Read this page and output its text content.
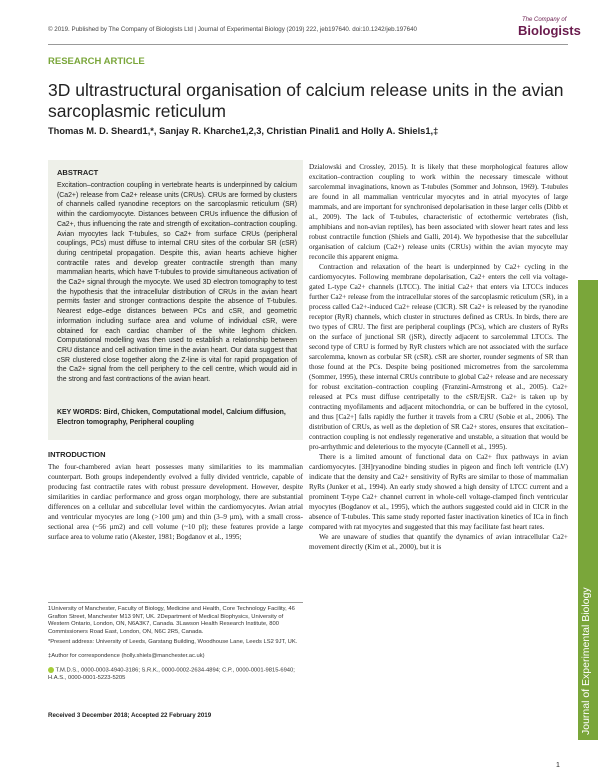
© 2019. Published by The Company of Biologists Ltd | Journal of Experimental Biology (2019) 222, jeb197640. doi:10.1242/jeb.197640
The Company of
Biologists
RESEARCH ARTICLE
3D ultrastructural organisation of calcium release units in the avian sarcoplasmic reticulum
Thomas M. D. Sheard1,*, Sanjay R. Kharche1,2,3, Christian Pinali1 and Holly A. Shiels1,‡
ABSTRACT
Excitation–contraction coupling in vertebrate hearts is underpinned by calcium (Ca2+) release from Ca2+ release units (CRUs). CRUs are formed by clusters of channels called ryanodine receptors on the sarcoplasmic reticulum (SR) within the cardiomyocyte. Distances between CRUs influence the diffusion of Ca2+, thus influencing the rate and strength of excitation–contraction coupling. Avian myocytes lack T-tubules, so Ca2+ from surface CRUs (peripheral couplings, PCs) must diffuse to internal CRU sites of the corbular SR (cSR) during centripetal propagation. Despite this, avian hearts achieve higher contractile rates and develop greater contractile strength than many mammalian hearts, which have T-tubules to provide simultaneous activation of the Ca2+ signal through the myocyte. We used 3D electron tomography to test the hypothesis that the intracellular distribution of CRUs in the avian heart permits faster and stronger contractions despite the absence of T-tubules. Nearest edge–edge distances between PCs and cSR, and geometric information including surface area and volume of individual cSR, were obtained for each cardiac chamber of the white leghorn chicken. Computational modelling was then used to establish a relationship between CRU distance and cell activation time in the avian heart. Our data suggest that cSR clustered close together along the Z-line is vital for rapid propagation of the Ca2+ signal from the cell periphery to the cell centre, which would aid in the strong and fast contractions of the avian heart.
KEY WORDS: Bird, Chicken, Computational model, Calcium diffusion, Electron tomography, Peripheral coupling
INTRODUCTION
The four-chambered avian heart possesses many similarities to its mammalian counterpart. Both groups independently evolved a fully divided ventricle, capable of producing fast contractile rates with robust pressure development. However, despite similarities in cardiac performance and gross organ morphology, there are substantial differences on a cellular and subcellular level within the cardiomyocytes. Avian atrial and ventricular myocytes are long (>100 µm) and thin (3–9 µm), with a small cross-sectional area (~56 µm2) and cell volume (~10 pl); these features provide a large surface area to volume ratio (Akester, 1981; Bogdanov et al., 1995;
1University of Manchester, Faculty of Biology, Medicine and Health, Core Technology Facility, 46 Grafton Street, Manchester M13 9NT, UK. 2Department of Medical Biophysics, University of Western Ontario, London, ON, N6A3K7, Canada. 3Lawson Health Research Institute, 800 Commissioners Road East, London, ON, N6C 2R5, Canada.
*Present address: University of Leeds, Garstang Building, Woodhouse Lane, Leeds LS2 9JT, UK.
‡Author for correspondence (holly.shiels@manchester.ac.uk)
T.M.D.S., 0000-0003-4940-3186; S.R.K., 0000-0002-2634-4894; C.P., 0000-0001-9815-6940; H.A.S., 0000-0001-5223-5205
Received 3 December 2018; Accepted 22 February 2019

Dzialowski and Crossley, 2015). It is likely that these morphological features allow excitation–contraction coupling to work within the necessary timescale without sarcolemmal invaginations, known as T-tubules (Sommer and Johnson, 1969). T-tubules are found in all mammalian ventricular myocytes and in atrial myocytes of large mammals, and are important for synchronised depolarisation in these larger cells (Dibb et al., 2009). The lack of T-tubules, characteristic of ectothermic vertebrates (fish, amphibians and non-avian reptiles), has been associated with slower heart rates and less robust contractile function (Shiels and Galli, 2014). We hypothesise that the subcellular organisation of calcium (Ca2+) release units (CRUs) within the avian myocyte may reconcile this apparent enigma.

Contraction and relaxation of the heart is underpinned by Ca2+ cycling in the cardiomyocytes. Following membrane depolarisation, Ca2+ enters the cell via voltage-gated L-type Ca2+ channels (LTCC). The initial Ca2+ that enters via LTCCs induces further Ca2+ release from the intracellular stores of the sarcoplasmic reticulum (SR), in a process called Ca2+-induced Ca2+ release (CICR). SR Ca2+ is released by the ryanodine receptor (RyR) channels, which cluster in structures defined as CRUs. In birds, there are two types of CRU. The first are peripheral couplings (PCs), which are clusters of RyRs on the surface of junctional SR (jSR), directly adjacent to sarcolemmal LTCCs. The second type of CRU is formed by RyR clusters which are not associated with the surface sarcolemma, known as corbular SR (cSR). cSR are shorter, rounder segments of SR than those found at the PCs. Despite being positioned micrometres from the sarcolemma (Sommer, 1995), these internal CRUs contribute to global Ca2+ release and are necessary for robust excitation–contraction coupling (Franzini-Armstrong et al., 2005). Ca2+ released at PCs must diffuse centripetally to the cSR/EjSR. Ca2+ is taken up by contracting myofilaments and adjacent mitochondria, or can be buffered in the cytosol, and thus [Ca2+] falls rapidly the further it travels from a CRU (Sobie et al., 2006). The distribution of CRUs, as well as the depletion of SR Ca2+ stores, ensures that excitation–contraction coupling is not endlessly regenerative and unstable, a situation that would be pro-arrhythmic and deleterious to the myocyte (Cannell et al., 1995).

There is a limited amount of functional data on Ca2+ flux pathways in avian cardiomyocytes. [3H]ryanodine binding studies in pigeon and finch left ventricle (LV) indicate that the density and Ca2+ sensitivity of RyRs are similar to those of mammalian RyRs (Junker et al., 1994). An early study showed a high density of LTCC current and a prominent T-type Ca2+ channel current in whole-cell voltage-clamped finch ventricular myocytes (Bogdanov et al., 1995), which the authors suggested could aid in CICR in the absence of T-tubules. This same study reported faster inactivation kinetics of ICa in finch compared with rat myocytes and suggested that this may facilitate fast heart rates.

We are unaware of studies that quantify the dynamics of avian intracellular Ca2+ movement directly (Kim et al., 2000), but it is

Journal of Experimental Biology
1
